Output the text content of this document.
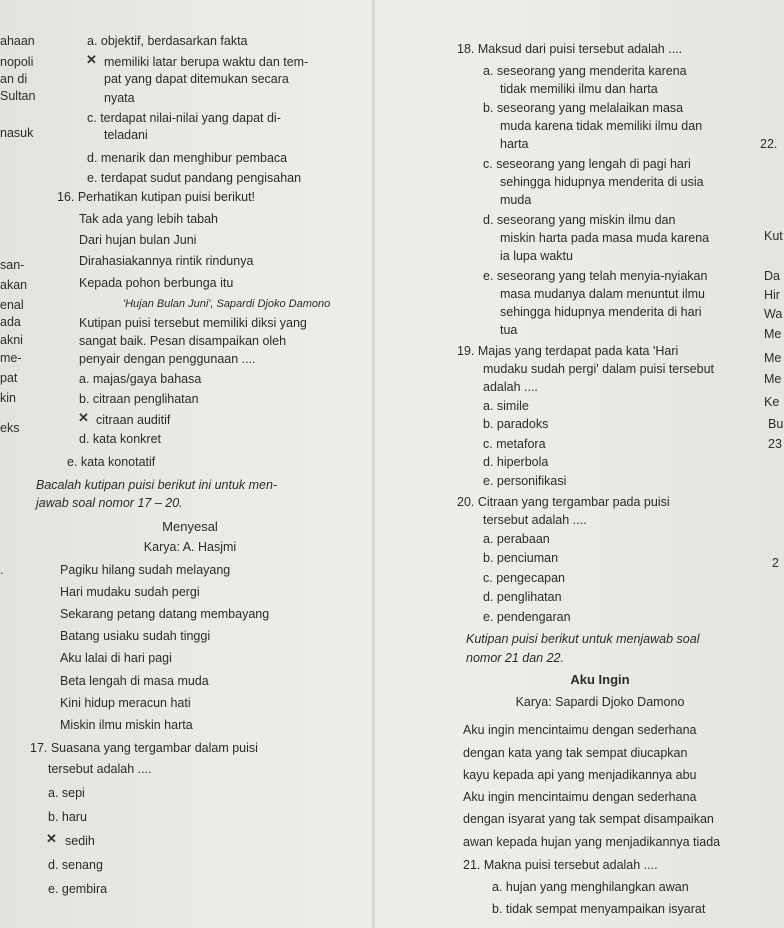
ahaan
nopoli
an di
Sultan
nasuk
san-
akan
enal
ada
akni
me-
pat
kin
eks
a. objektif, berdasarkan fakta
✕ memiliki latar berupa waktu dan tem-
pat yang dapat ditemukan secara
nyata
c. terdapat nilai-nilai yang dapat di-
teladani
d. menarik dan menghibur pembaca
e. terdapat sudut pandang pengisahan
16. Perhatikan kutipan puisi berikut!
Tak ada yang lebih tabah
Dari hujan bulan Juni
Dirahasiakannya rintik rindunya
Kepada pohon berbunga itu
'Hujan Bulan Juni', Sapardi Djoko Damono
Kutipan puisi tersebut memiliki diksi yang
sangat baik. Pesan disampaikan oleh
penyair dengan penggunaan ....
a. majas/gaya bahasa
b. citraan penglihatan
✕ citraan auditif
d. kata konkret
e. kata konotatif
Bacalah kutipan puisi berikut ini untuk men-
jawab soal nomor 17 – 20.
Menyesal
Karya: A. Hasjmi
.	Pagiku hilang sudah melayang
Hari mudaku sudah pergi
Sekarang petang datang membayang
Batang usiaku sudah tinggi
Aku lalai di hari pagi
Beta lengah di masa muda
Kini hidup meracun hati
Miskin ilmu miskin harta
17. Suasana yang tergambar dalam puisi
tersebut adalah ....
a. sepi
b. haru
✕ sedih
d. senang
e. gembira
18. Maksud dari puisi tersebut adalah ....
a. seseorang yang menderita karena
tidak memiliki ilmu dan harta
b. seseorang yang melalaikan masa
muda karena tidak memiliki ilmu dan
harta
c. seseorang yang lengah di pagi hari
sehingga hidupnya menderita di usia
muda
d. seseorang yang miskin ilmu dan
miskin harta pada masa muda karena
ia lupa waktu
e. seseorang yang telah menyia-nyiakan
masa mudanya dalam menuntut ilmu
sehingga hidupnya menderita di hari
tua
19. Majas yang terdapat pada kata 'Hari
mudaku sudah pergi' dalam puisi tersebut
adalah ....
a. simile
b. paradoks
c. metafora
d. hiperbola
e. personifikasi
20. Citraan yang tergambar pada puisi
tersebut adalah ....
a. perabaan
b. penciuman
c. pengecapan
d. penglihatan
e. pendengaran
Kutipan puisi berikut untuk menjawab soal
nomor 21 dan 22.
Aku Ingin
Karya: Sapardi Djoko Damono
Aku ingin mencintaimu dengan sederhana
dengan kata yang tak sempat diucapkan
kayu kepada api yang menjadikannya abu
Aku ingin mencintaimu dengan sederhana
dengan isyarat yang tak sempat disampaikan
awan kepada hujan yang menjadikannya tiada
21. Makna puisi tersebut adalah ....
a. hujan yang menghilangkan awan
b. tidak sempat menyampaikan isyarat
22.
Kut
Da
Hir
Wa
Me
Me
Me
Ke
Bu
23
2
